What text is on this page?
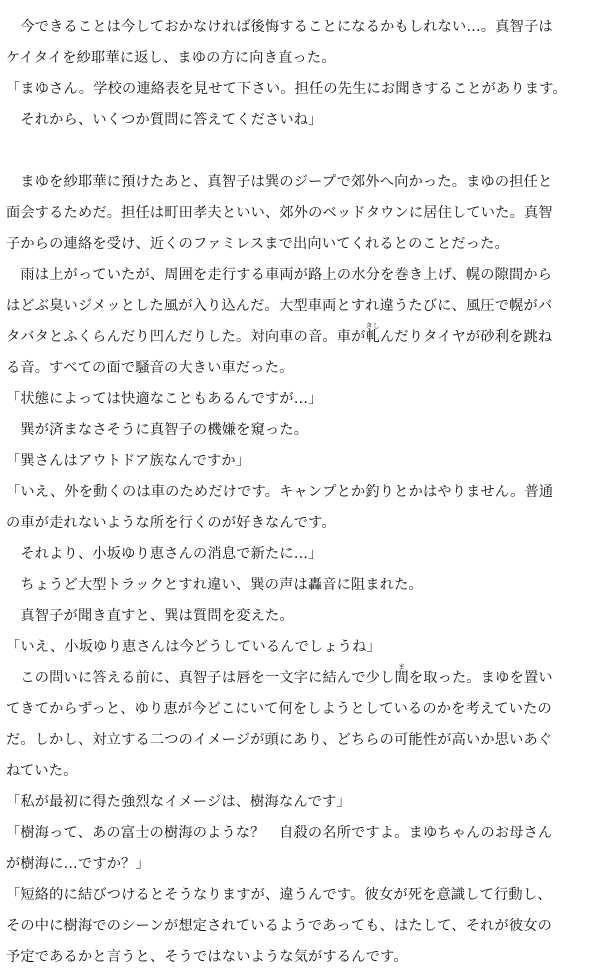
　今できることは今しておかなければ後悔することになるかもしれない…。真智子は
ケイタイを紗耶華に返し、まゆの方に向き直った。
「まゆさん。学校の連絡表を見せて下さい。担任の先生にお聞きすることがあります。
　それから、いくつか質問に答えてくださいね」
　まゆを紗耶華に預けたあと、真智子は巽のジープで郊外へ向かった。まゆの担任と
面会するためだ。担任は町田孝夫といい、郊外のベッドタウンに居住していた。真智
子からの連絡を受け、近くのファミレスまで出向いてくれるとのことだった。
　雨は上がっていたが、周囲を走行する車両が路上の水分を巻き上げ、幌の隙間から
はどぶ臭いジメッとした風が入り込んだ。大型車両とすれ違うたびに、風圧で幌がバ
タバタとふくらんだり凹んだりした。対向車の音。車が軋きしんだりタイヤが砂利を跳ね
る音。すべての面で騒音の大きい車だった。
「状態によっては快適なこともあるんですが…」
　巽が済まなさそうに真智子の機嫌を窺った。
「巽さんはアウトドア族なんですか」
「いえ、外を動くのは車のためだけです。キャンプとか釣りとかはやりません。普通
の車が走れないような所を行くのが好きなんです。
　それより、小坂ゆり恵さんの消息で新たに…」
　ちょうど大型トラックとすれ違い、巽の声は轟音に阻まれた。
　真智子が聞き直すと、巽は質問を変えた。
「いえ、小坂ゆり恵さんは今どうしているんでしょうね」
　この問いに答える前に、真智子は唇を一文字に結んで少し間まを取った。まゆを置い
てきてからずっと、ゆり恵が今どこにいて何をしようとしているのかを考えていたの
だ。しかし、対立する二つのイメージが頭にあり、どちらの可能性が高いか思いあぐ
ねていた。
「私が最初に得た強烈なイメージは、樹海なんです」
「樹海って、あの富士の樹海のような？　自殺の名所ですよ。まゆちゃんのお母さん
が樹海に…ですか？」
「短絡的に結びつけるとそうなりますが、違うんです。彼女が死を意識して行動し、
その中に樹海でのシーンが想定されているようであっても、はたして、それが彼女の
予定であるかと言うと、そうではないような気がするんです。
